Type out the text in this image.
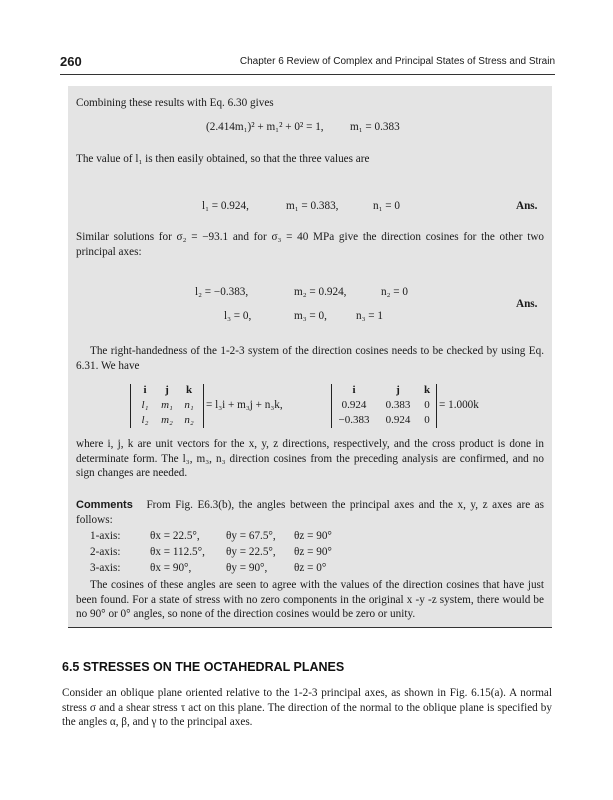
260	Chapter 6 Review of Complex and Principal States of Stress and Strain
Combining these results with Eq. 6.30 gives
(2.414m₁)² + m₁² + 0² = 1, m₁ = 0.383
The value of l₁ is then easily obtained, so that the three values are
l₁ = 0.924,	m₁ = 0.383,	n₁ = 0	Ans.
Similar solutions for σ₂ = −93.1 and for σ₃ = 40 MPa give the direction cosines for the other two principal axes:
l₂ = −0.383,	m₂ = 0.924,	n₂ = 0
Ans.
l₃ = 0,	m₃ = 0,	n₃ = 1
The right-handedness of the 1-2-3 system of the direction cosines needs to be checked by using Eq. 6.31. We have
i	j	k
l₁	m₁	n₁
l₂	m₂	n₂
= l₃i + m₃j + n₃k,
i	j	k
0.924	0.383	0
−0.383	0.924	0
= 1.000k
where i, j, k are unit vectors for the x, y, z directions, respectively, and the cross product is done in determinate form. The l₃, m₃, n₃ direction cosines from the preceding analysis are confirmed, and no sign changes are needed.
Comments From Fig. E6.3(b), the angles between the principal axes and the x, y, z axes are as follows:
1-axis:	θx = 22.5°, θy = 67.5°, θz = 90°
2-axis:	θx = 112.5°, θy = 22.5°, θz = 90°
3-axis:	θx = 90°,	θy = 90°, θz = 0°
The cosines of these angles are seen to agree with the values of the direction cosines that have just been found. For a state of stress with no zero components in the original x -y -z system, there would be no 90° or 0° angles, so none of the direction cosines would be zero or unity.
6.5 STRESSES ON THE OCTAHEDRAL PLANES
Consider an oblique plane oriented relative to the 1-2-3 principal axes, as shown in Fig. 6.15(a). A normal stress σ and a shear stress τ act on this plane. The direction of the normal to the oblique plane is specified by the angles α, β, and γ to the principal axes.
